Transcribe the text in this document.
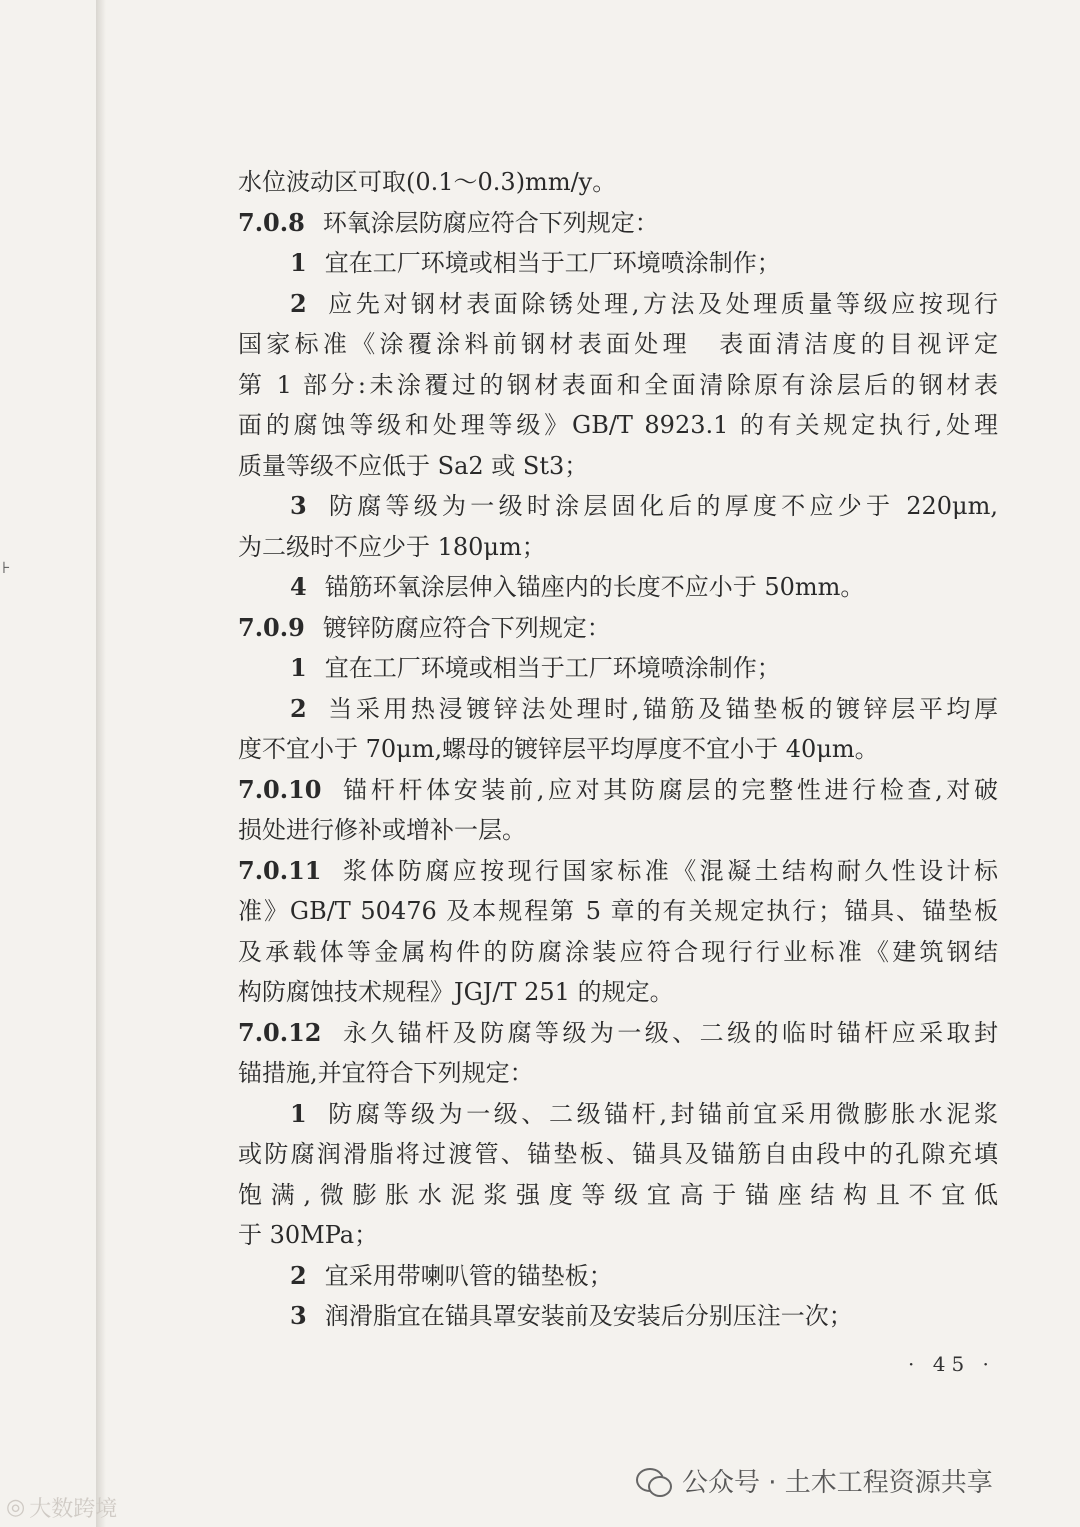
⊦
水位波动区可取(0.1～0.3)mm/y。
7.0.8 环氧涂层防腐应符合下列规定：
1 宜在工厂环境或相当于工厂环境喷涂制作；
2 应先对钢材表面除锈处理,方法及处理质量等级应按现行
国家标准《涂覆涂料前钢材表面处理　表面清洁度的目视评定
第 1 部分:未涂覆过的钢材表面和全面清除原有涂层后的钢材表
面的腐蚀等级和处理等级》GB/T 8923.1 的有关规定执行,处理
质量等级不应低于 Sa2 或 St3；
3 防腐等级为一级时涂层固化后的厚度不应少于 220μm,
为二级时不应少于 180μm；
4 锚筋环氧涂层伸入锚座内的长度不应小于 50mm。
7.0.9 镀锌防腐应符合下列规定：
1 宜在工厂环境或相当于工厂环境喷涂制作；
2 当采用热浸镀锌法处理时,锚筋及锚垫板的镀锌层平均厚
度不宜小于 70μm,螺母的镀锌层平均厚度不宜小于 40μm。
7.0.10 锚杆杆体安装前,应对其防腐层的完整性进行检查,对破
损处进行修补或增补一层。
7.0.11 浆体防腐应按现行国家标准《混凝土结构耐久性设计标
准》GB/T 50476 及本规程第 5 章的有关规定执行；锚具、锚垫板
及承载体等金属构件的防腐涂装应符合现行行业标准《建筑钢结
构防腐蚀技术规程》JGJ/T 251 的规定。
7.0.12 永久锚杆及防腐等级为一级、二级的临时锚杆应采取封
锚措施,并宜符合下列规定：
1 防腐等级为一级、二级锚杆,封锚前宜采用微膨胀水泥浆
或防腐润滑脂将过渡管、锚垫板、锚具及锚筋自由段中的孔隙充填
饱满,微膨胀水泥浆强度等级宜高于锚座结构且不宜低
于 30MPa；
2 宜采用带喇叭管的锚垫板；
3 润滑脂宜在锚具罩安装前及安装后分别压注一次；
· 45 ·
公众号 · 土木工程资源共享
◎ 大数跨境
